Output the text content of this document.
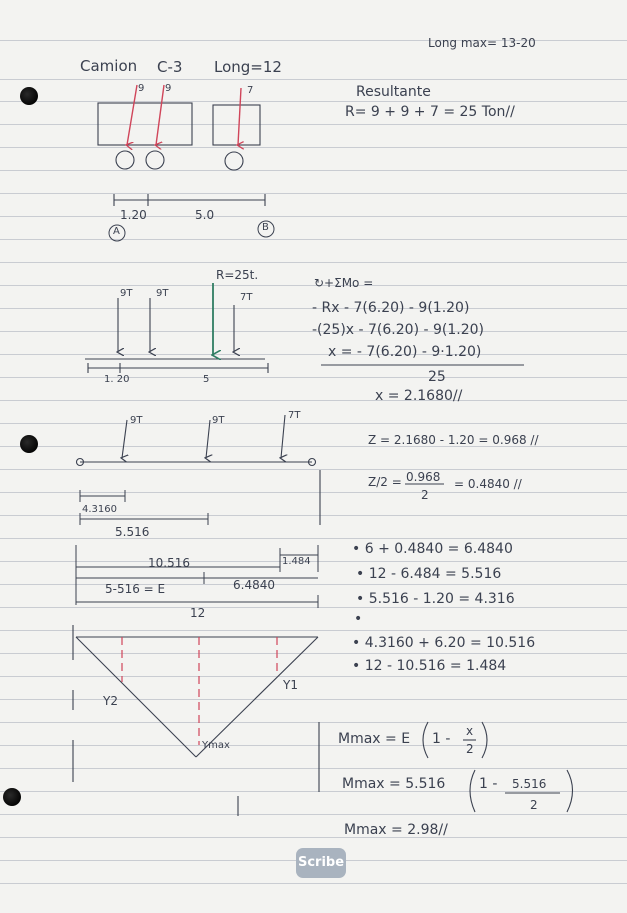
Camion C-3 Long=12
Long max= 13-20
9 9	7	Resultante
R= 9 + 9 + 7 = 25 Ton//
1.20	5.0
A	B
R=25t.
9T 9T	7T
1. 20	5
↻+ΣMo =
- Rx - 7(6.20) - 9(1.20)
-(25)x - 7(6.20) - 9(1.20)
x = - 7(6.20) - 9·1.20)
25
x = 2.1680//
Z = 2.1680 - 1.20 = 0.968 //
Z/2 = 0.968
2
= 0.4840 //
9T	9T	7T
4.3160
5.516
10.516	1.484
5-516 = E	6.4840
12
• 6 + 0.4840 = 6.4840
• 12 - 6.484 = 5.516
• 5.516 - 1.20 = 4.316
•
• 4.3160 + 6.20 = 10.516
• 12 - 10.516 = 1.484
Y1
Y2
Ymax	Mmax = E 1 - x
2
Mmax = 5.516 1 - 5.516
2
Mmax = 2.98//
Scribe
